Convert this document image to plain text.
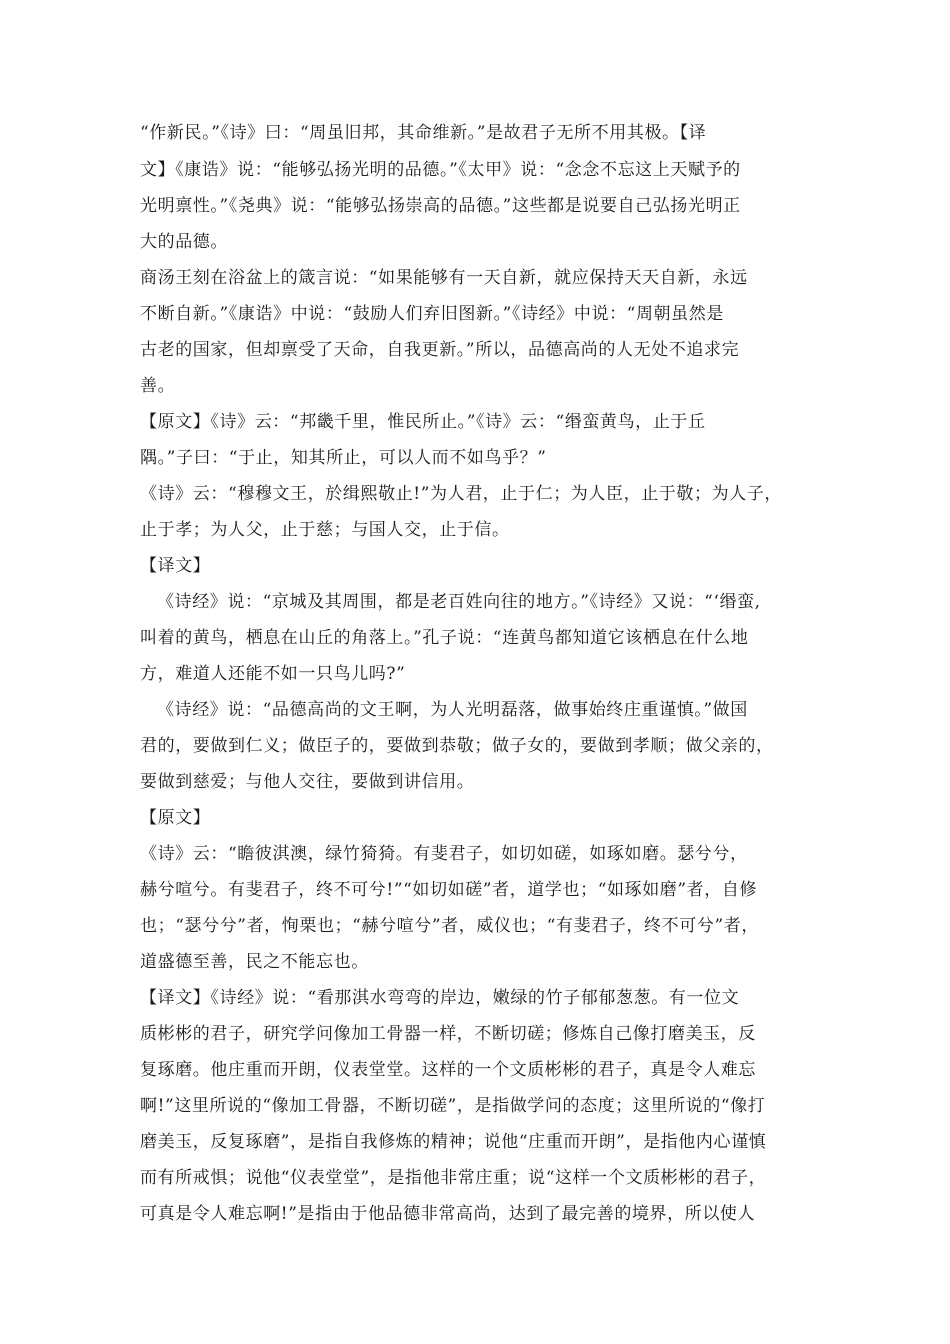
“作新民。”《诗》曰：“周虽旧邦，其命维新。”是故君子无所不用其极。【译
文】《康诰》说：“能够弘扬光明的品德。”《太甲》说：“念念不忘这上天赋予的
光明禀性。”《尧典》说：“能够弘扬崇高的品德。”这些都是说要自己弘扬光明正
大的品德。
商汤王刻在浴盆上的箴言说：“如果能够有一天自新，就应保持天天自新，永远
不断自新。”《康诰》中说：“鼓励人们弃旧图新。”《诗经》中说：“周朝虽然是
古老的国家，但却禀受了天命，自我更新。”所以，品德高尚的人无处不追求完
善。
【原文】《诗》云：“邦畿千里，惟民所止。”《诗》云：“缗蛮黄鸟，止于丘
隅。”子曰：“于止，知其所止，可以人而不如鸟乎？”
《诗》云：“穆穆文王，於缉熙敬止!”为人君，止于仁；为人臣，止于敬；为人子，
止于孝；为人父，止于慈；与国人交，止于信。
【译文】
《诗经》说：“京城及其周围，都是老百姓向往的地方。”《诗经》又说：“‘缗蛮,
叫着的黄鸟，栖息在山丘的角落上。”孔子说：“连黄鸟都知道它该栖息在什么地
方，难道人还能不如一只鸟儿吗?”
《诗经》说：“品德高尚的文王啊，为人光明磊落，做事始终庄重谨慎。”做国
君的，要做到仁义；做臣子的，要做到恭敬；做子女的，要做到孝顺；做父亲的，
要做到慈爱；与他人交往，要做到讲信用。
【原文】
《诗》云：“瞻彼淇澳，绿竹猗猗。有斐君子，如切如磋，如琢如磨。瑟兮兮，
赫兮喧兮。有斐君子，终不可兮!”“如切如磋”者，道学也；“如琢如磨”者，自修
也；“瑟兮兮”者，恂栗也；“赫兮喧兮”者，威仪也；“有斐君子，终不可兮”者，
道盛德至善，民之不能忘也。
【译文】《诗经》说：“看那淇水弯弯的岸边，嫩绿的竹子郁郁葱葱。有一位文
质彬彬的君子，研究学问像加工骨器一样，不断切磋；修炼自己像打磨美玉，反
复琢磨。他庄重而开朗，仪表堂堂。这样的一个文质彬彬的君子，真是令人难忘
啊!”这里所说的“像加工骨器，不断切磋”，是指做学问的态度；这里所说的“像打
磨美玉，反复琢磨”，是指自我修炼的精神；说他“庄重而开朗”，是指他内心谨慎
而有所戒惧；说他“仪表堂堂”，是指他非常庄重；说“这样一个文质彬彬的君子，
可真是令人难忘啊!”是指由于他品德非常高尚，达到了最完善的境界，所以使人
